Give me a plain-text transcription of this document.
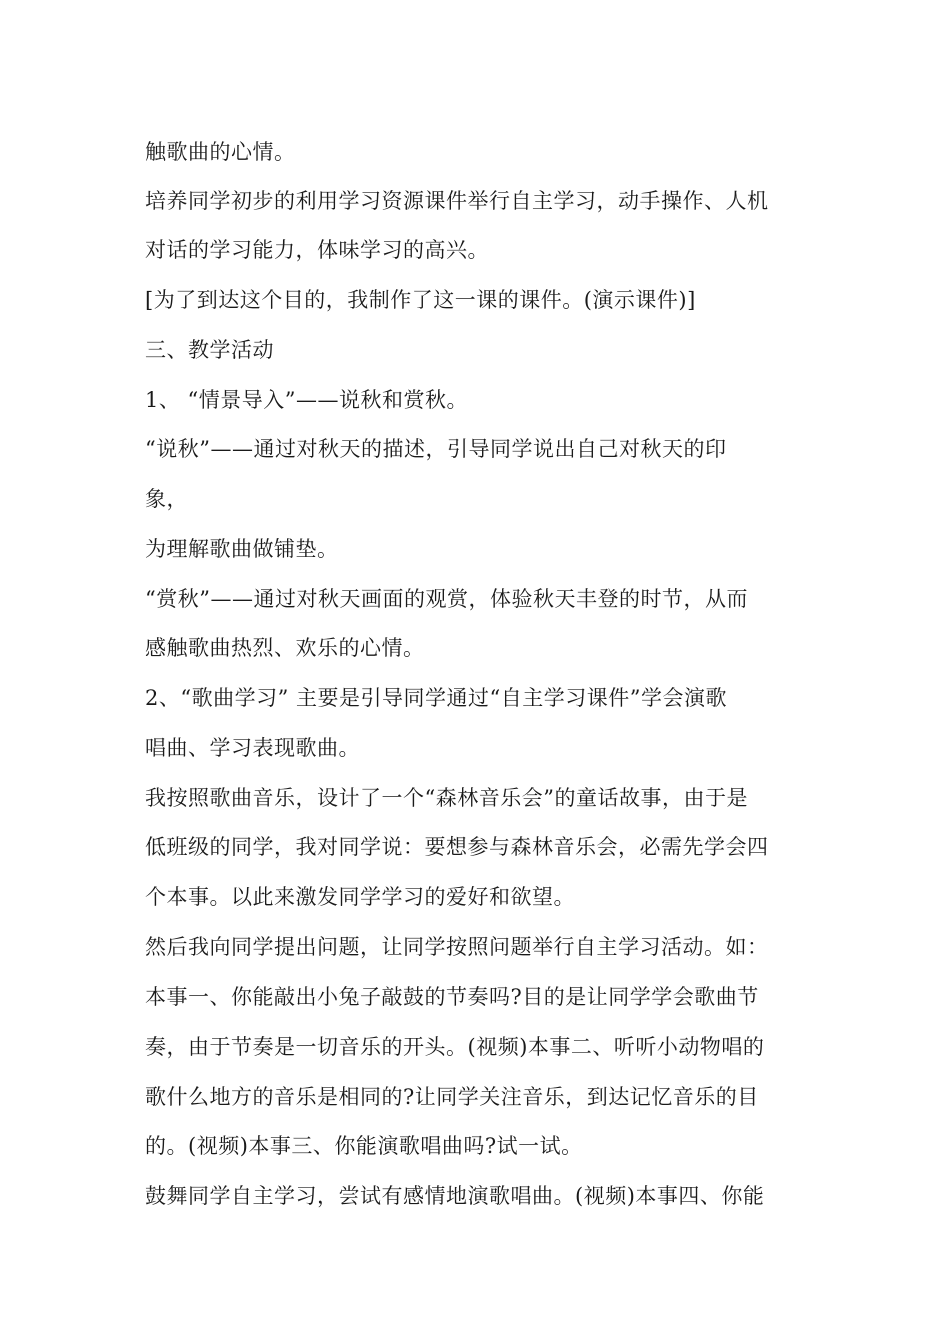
触歌曲的心情。
培养同学初步的利用学习资源课件举行自主学习，动手操作、人机
对话的学习能力，体味学习的高兴。
[为了到达这个目的，我制作了这一课的课件。(演示课件)]
三、教学活动
1、 “情景导入”——说秋和赏秋。
“说秋”——通过对秋天的描述，引导同学说出自己对秋天的印
象，
为理解歌曲做铺垫。
“赏秋”——通过对秋天画面的观赏，体验秋天丰登的时节，从而
感触歌曲热烈、欢乐的心情。
2、“歌曲学习” 主要是引导同学通过“自主学习课件”学会演歌
唱曲、学习表现歌曲。
我按照歌曲音乐，设计了一个“森林音乐会”的童话故事，由于是
低班级的同学，我对同学说：要想参与森林音乐会，必需先学会四
个本事。以此来激发同学学习的爱好和欲望。
然后我向同学提出问题，让同学按照问题举行自主学习活动。如：
本事一、你能敲出小兔子敲鼓的节奏吗?目的是让同学学会歌曲节
奏，由于节奏是一切音乐的开头。(视频)本事二、听听小动物唱的
歌什么地方的音乐是相同的?让同学关注音乐，到达记忆音乐的目
的。(视频)本事三、你能演歌唱曲吗?试一试。
鼓舞同学自主学习，尝试有感情地演歌唱曲。(视频)本事四、你能
